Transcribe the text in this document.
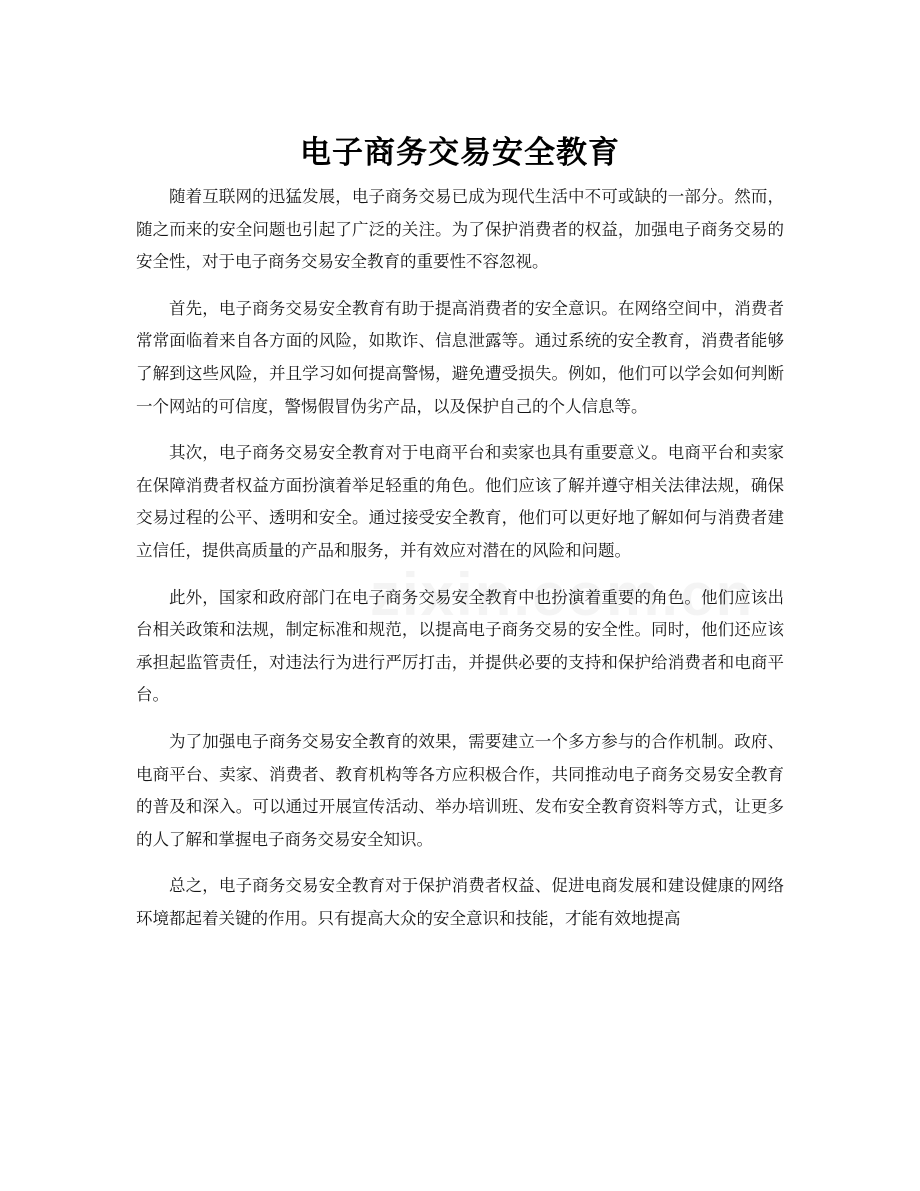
电子商务交易安全教育

随着互联网的迅猛发展，电子商务交易已成为现代生活中不可或缺的一部分。然而，随之而来的安全问题也引起了广泛的关注。为了保护消费者的权益，加强电子商务交易的安全性，对于电子商务交易安全教育的重要性不容忽视。

首先，电子商务交易安全教育有助于提高消费者的安全意识。在网络空间中，消费者常常面临着来自各方面的风险，如欺诈、信息泄露等。通过系统的安全教育，消费者能够了解到这些风险，并且学习如何提高警惕，避免遭受损失。例如，他们可以学会如何判断一个网站的可信度，警惕假冒伪劣产品，以及保护自己的个人信息等。

其次，电子商务交易安全教育对于电商平台和卖家也具有重要意义。电商平台和卖家在保障消费者权益方面扮演着举足轻重的角色。他们应该了解并遵守相关法律法规，确保交易过程的公平、透明和安全。通过接受安全教育，他们可以更好地了解如何与消费者建立信任，提供高质量的产品和服务，并有效应对潜在的风险和问题。

此外，国家和政府部门在电子商务交易安全教育中也扮演着重要的角色。他们应该出台相关政策和法规，制定标准和规范，以提高电子商务交易的安全性。同时，他们还应该承担起监管责任，对违法行为进行严厉打击，并提供必要的支持和保护给消费者和电商平台。

为了加强电子商务交易安全教育的效果，需要建立一个多方参与的合作机制。政府、电商平台、卖家、消费者、教育机构等各方应积极合作，共同推动电子商务交易安全教育的普及和深入。可以通过开展宣传活动、举办培训班、发布安全教育资料等方式，让更多的人了解和掌握电子商务交易安全知识。

总之，电子商务交易安全教育对于保护消费者权益、促进电商发展和建设健康的网络环境都起着关键的作用。只有提高大众的安全意识和技能，才能有效地提高
